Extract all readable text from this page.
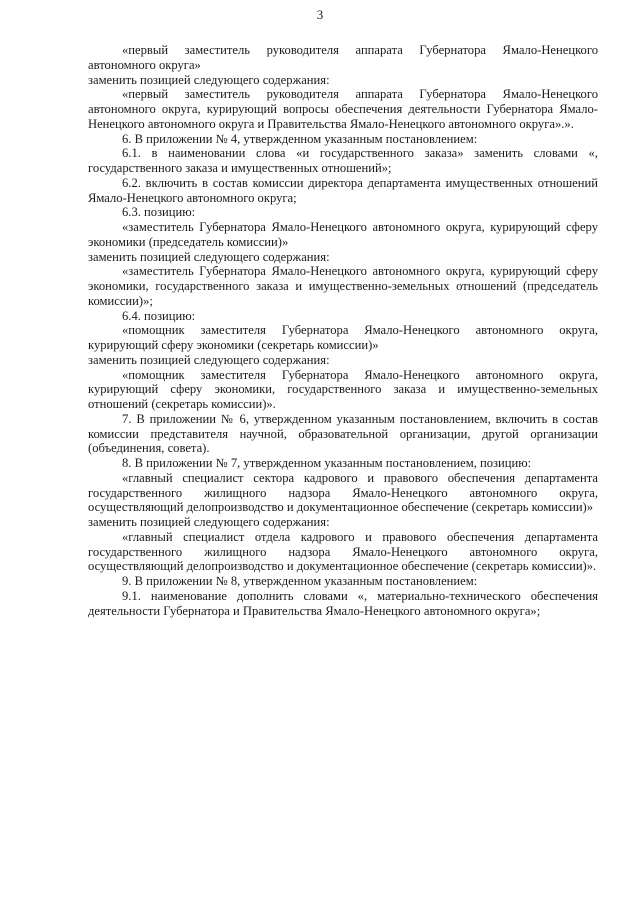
3

«первый заместитель руководителя аппарата Губернатора Ямало-Ненецкого автономного округа»

заменить позицией следующего содержания:

«первый заместитель руководителя аппарата Губернатора Ямало-Ненецкого автономного округа, курирующий вопросы обеспечения деятельности Губернатора Ямало-Ненецкого автономного округа и Правительства Ямало-Ненецкого автономного округа».».

6. В приложении № 4, утвержденном указанным постановлением:

6.1. в наименовании слова «и государственного заказа» заменить словами «, государственного заказа и имущественных отношений»;

6.2. включить в состав комиссии директора департамента имущественных отношений Ямало-Ненецкого автономного округа;

6.3. позицию:

«заместитель Губернатора Ямало-Ненецкого автономного округа, курирующий сферу экономики (председатель комиссии)»

заменить позицией следующего содержания:

«заместитель Губернатора Ямало-Ненецкого автономного округа, курирующий сферу экономики, государственного заказа и имущественно-земельных отношений (председатель комиссии)»;

6.4. позицию:

«помощник заместителя Губернатора Ямало-Ненецкого автономного округа, курирующий сферу экономики (секретарь комиссии)»

заменить позицией следующего содержания:

«помощник заместителя Губернатора Ямало-Ненецкого автономного округа, курирующий сферу экономики, государственного заказа и имущественно-земельных отношений (секретарь комиссии)».

7. В приложении № 6, утвержденном указанным постановлением, включить в состав комиссии представителя научной, образовательной организации, другой организации (объединения, совета).

8. В приложении № 7, утвержденном указанным постановлением, позицию:

«главный специалист сектора кадрового и правового обеспечения департамента государственного жилищного надзора Ямало-Ненецкого автономного округа, осуществляющий делопроизводство и документационное обеспечение (секретарь комиссии)»

заменить позицией следующего содержания:

«главный специалист отдела кадрового и правового обеспечения департамента государственного жилищного надзора Ямало-Ненецкого автономного округа, осуществляющий делопроизводство и документационное обеспечение (секретарь комиссии)».

9. В приложении № 8, утвержденном указанным постановлением:

9.1. наименование дополнить словами «, материально-технического обеспечения деятельности Губернатора и Правительства Ямало-Ненецкого автономного округа»;
